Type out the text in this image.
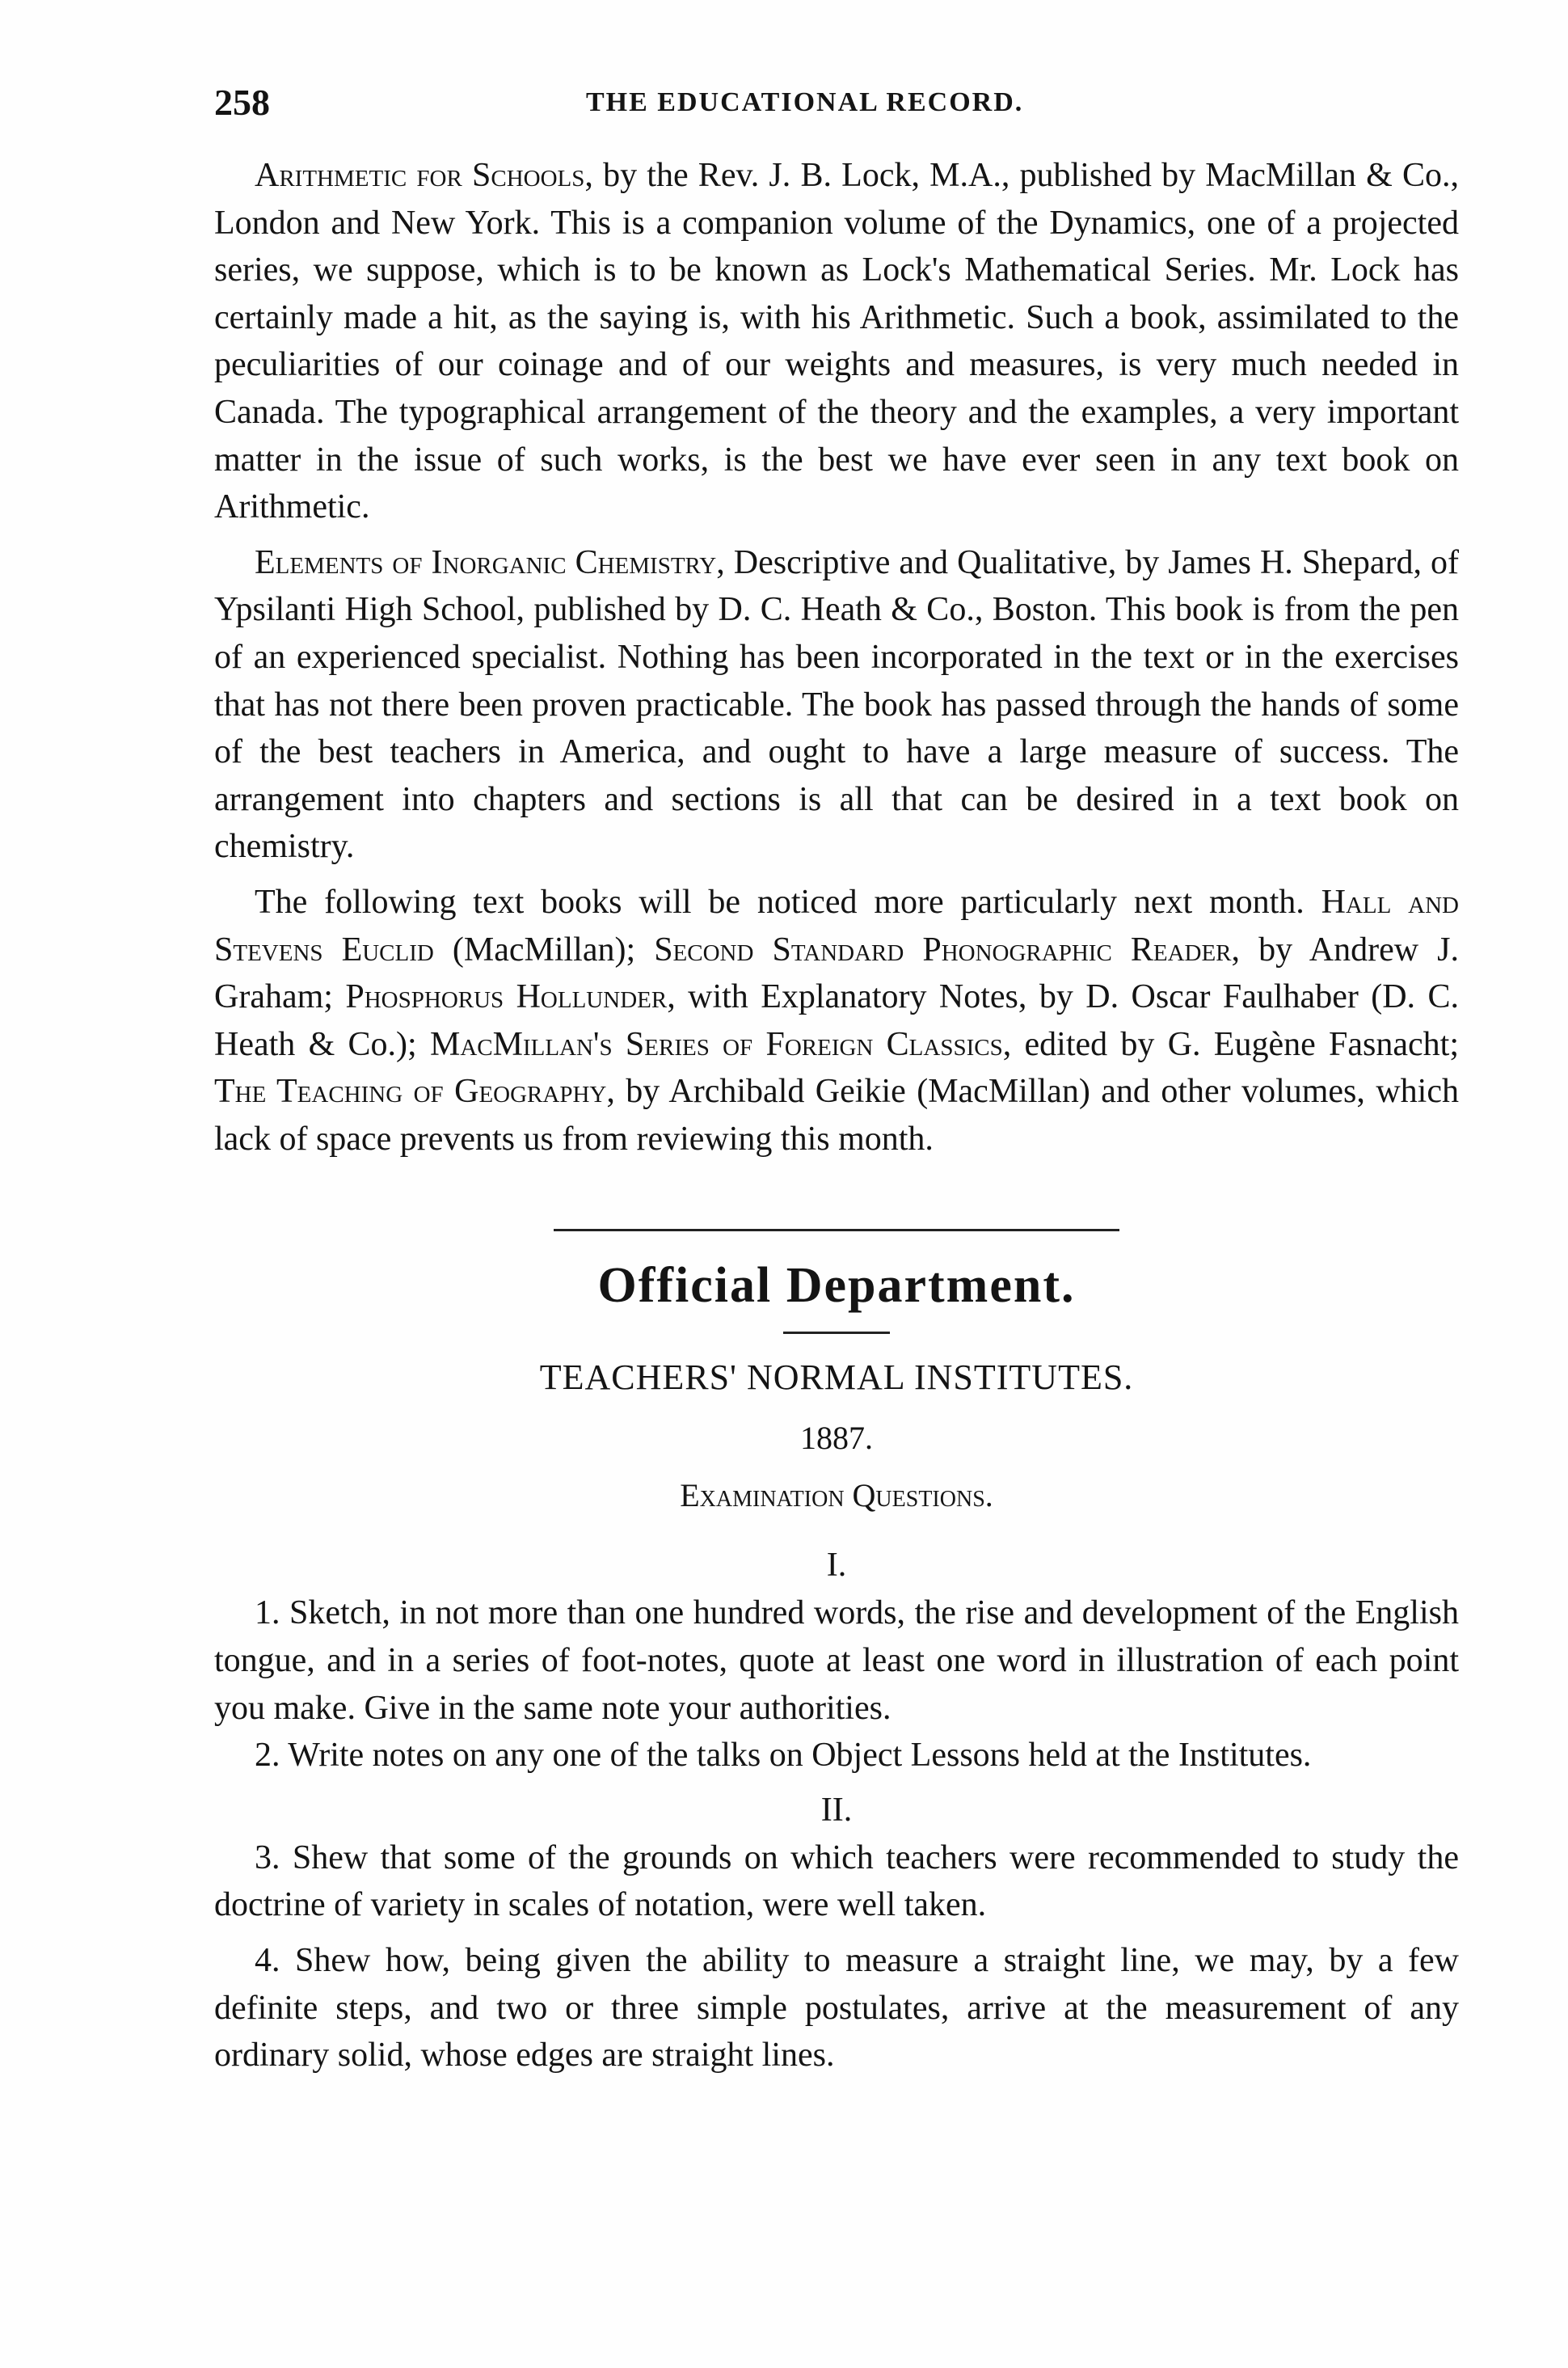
258	THE EDUCATIONAL RECORD.

Arithmetic for Schools, by the Rev. J. B. Lock, M.A., published by MacMillan & Co., London and New York. This is a companion volume of the Dynamics, one of a projected series, we suppose, which is to be known as Lock's Mathematical Series. Mr. Lock has certainly made a hit, as the saying is, with his Arithmetic. Such a book, assimilated to the peculiarities of our coinage and of our weights and measures, is very much needed in Canada. The typographical arrangement of the theory and the examples, a very important matter in the issue of such works, is the best we have ever seen in any text book on Arithmetic.

Elements of Inorganic Chemistry, Descriptive and Qualitative, by James H. Shepard, of Ypsilanti High School, published by D. C. Heath & Co., Boston. This book is from the pen of an experienced specialist. Nothing has been incorporated in the text or in the exercises that has not there been proven practicable. The book has passed through the hands of some of the best teachers in America, and ought to have a large measure of success. The arrangement into chapters and sections is all that can be desired in a text book on chemistry.

The following text books will be noticed more particularly next month. Hall and Stevens Euclid (MacMillan); Second Standard Phonographic Reader, by Andrew J. Graham; Phosphorus Hollunder, with Explanatory Notes, by D. Oscar Faulhaber (D. C. Heath & Co.); MacMillan's Series of Foreign Classics, edited by G. Eugène Fasnacht; The Teaching of Geography, by Archibald Geikie (MacMillan) and other volumes, which lack of space prevents us from reviewing this month.

Official Department.
TEACHERS' NORMAL INSTITUTES.
1887.
Examination Questions.
I.

1. Sketch, in not more than one hundred words, the rise and development of the English tongue, and in a series of foot-notes, quote at least one word in illustration of each point you make. Give in the same note your authorities.

2. Write notes on any one of the talks on Object Lessons held at the Institutes.

II.

3. Shew that some of the grounds on which teachers were recommended to study the doctrine of variety in scales of notation, were well taken.

4. Shew how, being given the ability to measure a straight line, we may, by a few definite steps, and two or three simple postulates, arrive at the measurement of any ordinary solid, whose edges are straight lines.
